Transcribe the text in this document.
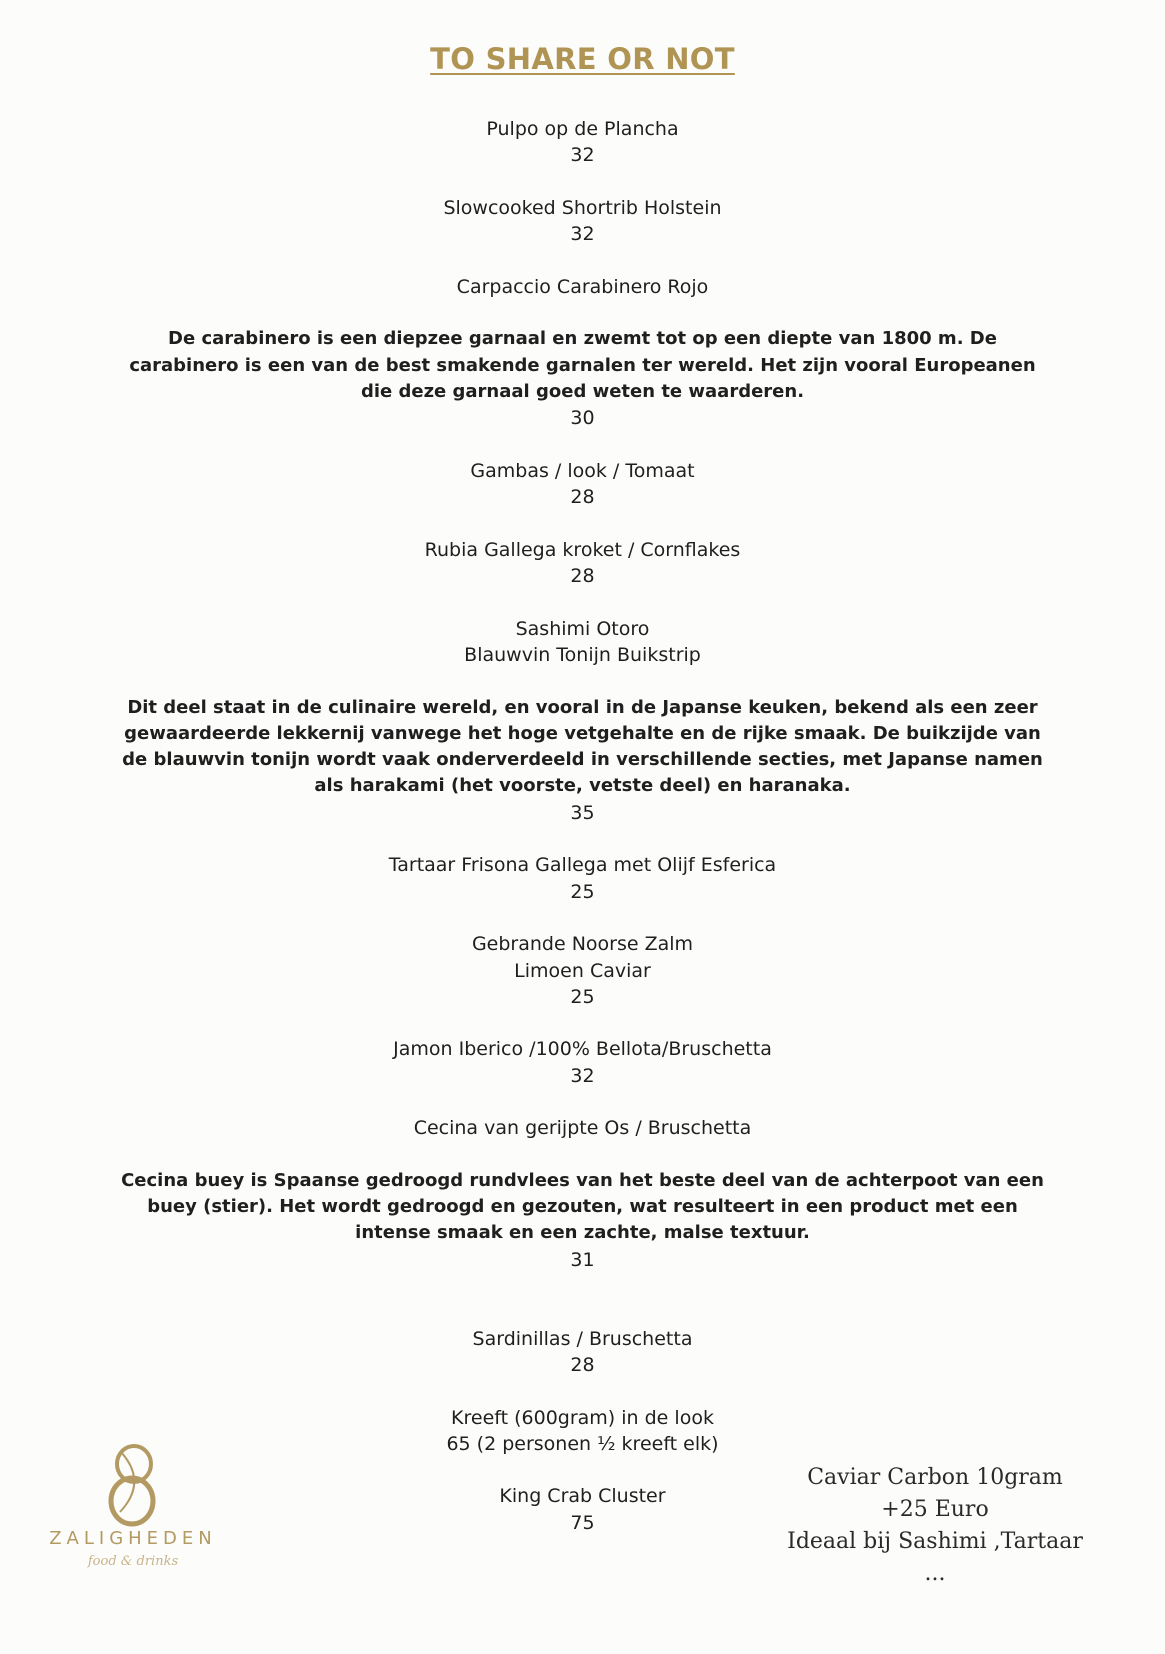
TO SHARE OR NOT
Pulpo op de Plancha
32
Slowcooked Shortrib Holstein
32
Carpaccio Carabinero Rojo
De carabinero is een diepzee garnaal en zwemt tot op een diepte van 1800 m. De carabinero is een van de best smakende garnalen ter wereld. Het zijn vooral Europeanen die deze garnaal goed weten te waarderen.
30
Gambas / look / Tomaat
28
Rubia Gallega kroket / Cornflakes
28
Sashimi Otoro
Blauwvin Tonijn Buikstrip
Dit deel staat in de culinaire wereld, en vooral in de Japanse keuken, bekend als een zeer gewaardeerde lekkernij vanwege het hoge vetgehalte en de rijke smaak. De buikzijde van de blauwvin tonijn wordt vaak onderverdeeld in verschillende secties, met Japanse namen als harakami (het voorste, vetste deel) en haranaka.
35
Tartaar Frisona Gallega met Olijf Esferica
25
Gebrande Noorse Zalm
Limoen Caviar
25
Jamon Iberico /100% Bellota/Bruschetta
32
Cecina van gerijpte Os / Bruschetta
Cecina buey is Spaanse gedroogd rundvlees van het beste deel van de achterpoot van een buey (stier). Het wordt gedroogd en gezouten, wat resulteert in een product met een intense smaak en een zachte, malse textuur.
31
Sardinillas / Bruschetta
28
Kreeft (600gram) in de look
65 (2 personen ½ kreeft elk)
King Crab Cluster
75
ZALIGHEDEN
food & drinks
Caviar Carbon 10gram
+25 Euro
Ideaal bij Sashimi ,Tartaar
...
